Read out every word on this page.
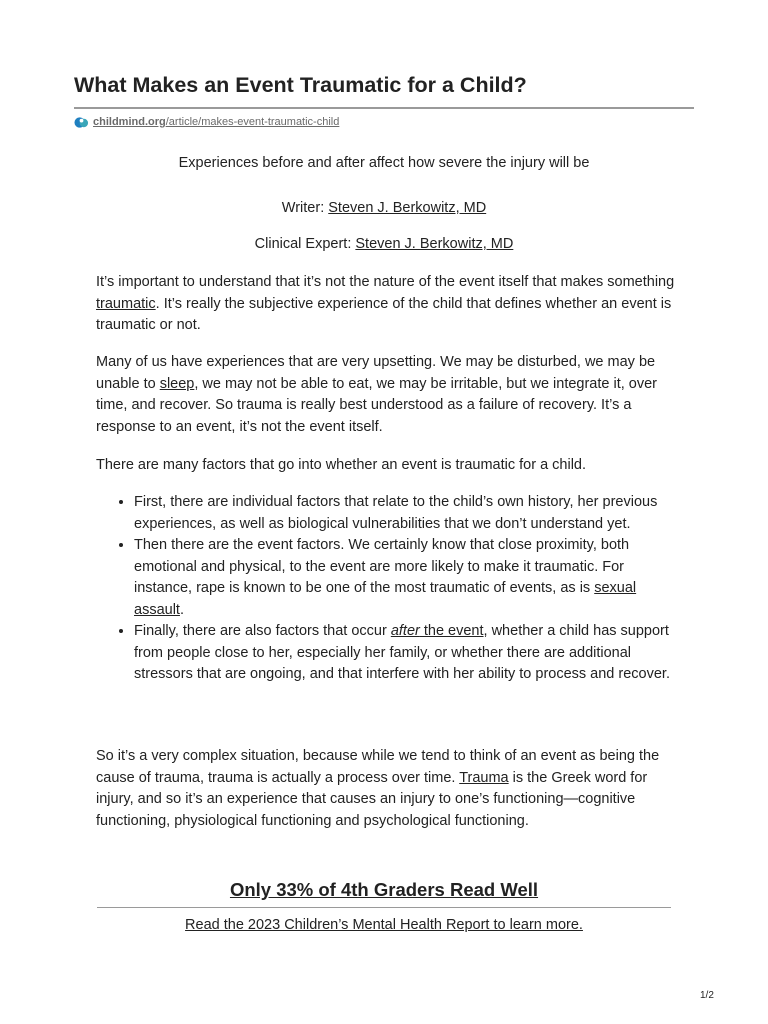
What Makes an Event Traumatic for a Child?
childmind.org/article/makes-event-traumatic-child
Experiences before and after affect how severe the injury will be
Writer: Steven J. Berkowitz, MD
Clinical Expert: Steven J. Berkowitz, MD

It’s important to understand that it’s not the nature of the event itself that makes something traumatic. It’s really the subjective experience of the child that defines whether an event is traumatic or not.

Many of us have experiences that are very upsetting. We may be disturbed, we may be unable to sleep, we may not be able to eat, we may be irritable, but we integrate it, over time, and recover. So trauma is really best understood as a failure of recovery. It’s a response to an event, it’s not the event itself.

There are many factors that go into whether an event is traumatic for a child.

• First, there are individual factors that relate to the child’s own history, her previous experiences, as well as biological vulnerabilities that we don’t understand yet.
• Then there are the event factors. We certainly know that close proximity, both emotional and physical, to the event are more likely to make it traumatic. For instance, rape is known to be one of the most traumatic of events, as is sexual assault.
• Finally, there are also factors that occur after the event, whether a child has support from people close to her, especially her family, or whether there are additional stressors that are ongoing, and that interfere with her ability to process and recover.

So it’s a very complex situation, because while we tend to think of an event as being the cause of trauma, trauma is actually a process over time. Trauma is the Greek word for injury, and so it’s an experience that causes an injury to one’s functioning—cognitive functioning, physiological functioning and psychological functioning.

Only 33% of 4th Graders Read Well
Read the 2023 Children’s Mental Health Report to learn more.
1/2
